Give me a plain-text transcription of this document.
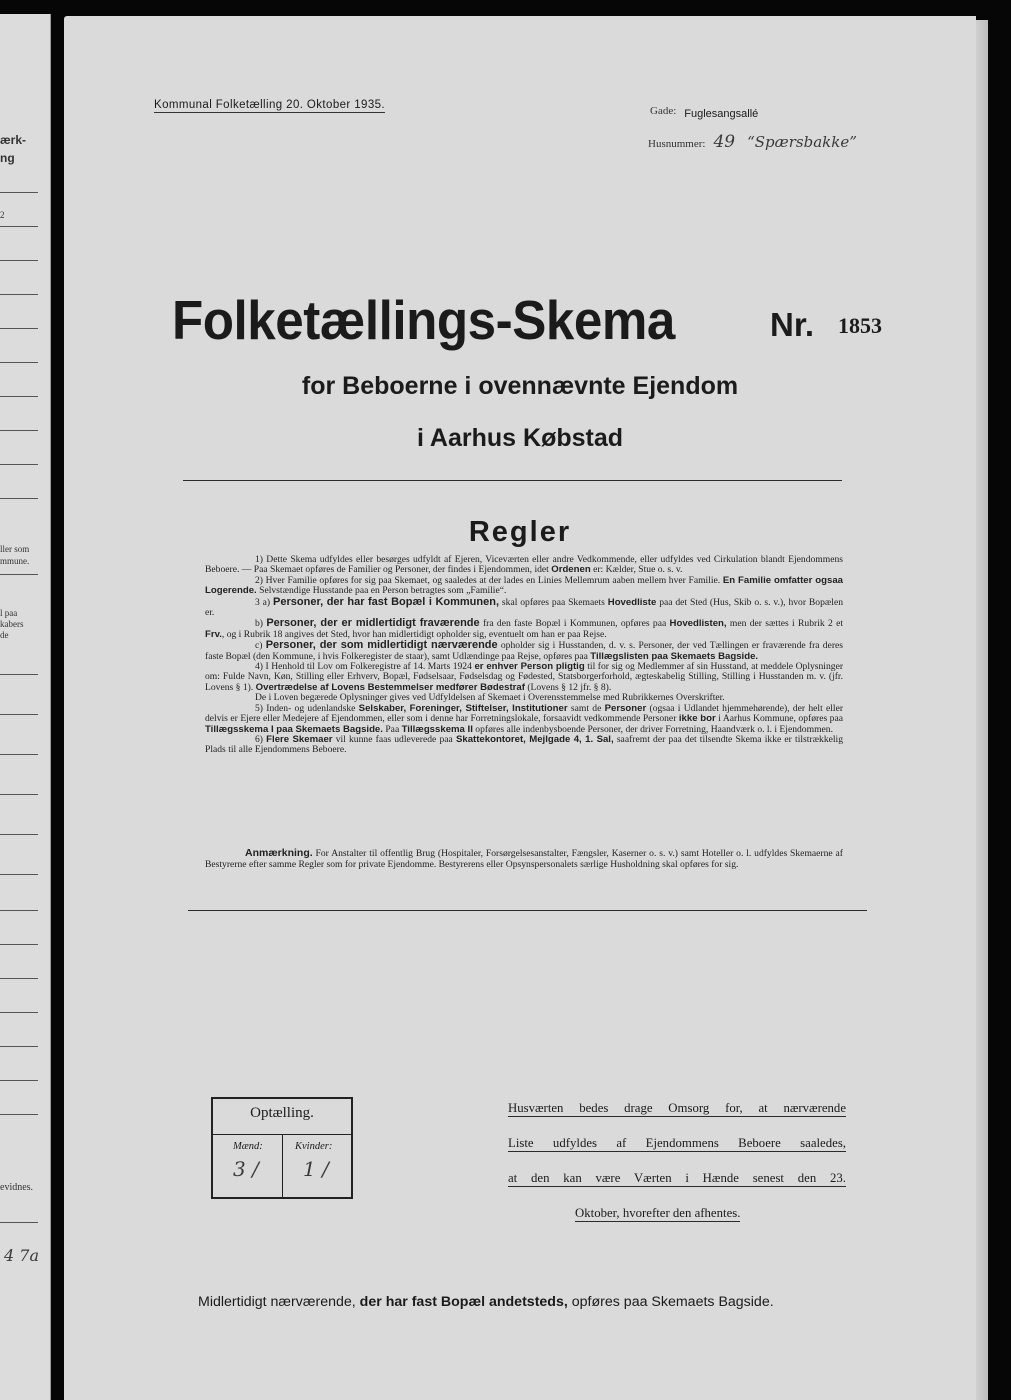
ærk-
ng
2
ller som
mmune.
l paa
kabers
de
evidnes.
4 7a
Kommunal Folketælling 20. Oktober 1935.	Gade: Fuglesangsallé
Husnummer: 49 “Spærsbakke”
Folketællings-Skema	Nr. 1853
for Beboerne i ovennævnte Ejendom
i Aarhus Købstad
Regler

1) Dette Skema udfyldes eller besørges udfyldt af Ejeren, Viceværten eller andre Vedkommende, eller udfyldes ved Cirkulation blandt Ejendommens Beboere. — Paa Skemaet opføres de Familier og Personer, der findes i Ejendommen, idet Ordenen er: Kælder, Stue o. s. v.

2) Hver Familie opføres for sig paa Skemaet, og saaledes at der lades en Linies Mellemrum aaben mellem hver Familie. En Familie omfatter ogsaa Logerende. Selvstændige Husstande paa en Person betragtes som „Familie“.

3 a) Personer, der har fast Bopæl i Kommunen, skal opføres paa Skemaets Hovedliste paa det Sted (Hus, Skib o. s. v.), hvor Bopælen er.

b) Personer, der er midlertidigt fraværende fra den faste Bopæl i Kommunen, opføres paa Hovedlisten, men der sættes i Rubrik 2 et Frv., og i Rubrik 18 angives det Sted, hvor han midlertidigt opholder sig, eventuelt om han er paa Rejse.

c) Personer, der som midlertidigt nærværende opholder sig i Husstanden, d. v. s. Personer, der ved Tællingen er fraværende fra deres faste Bopæl (den Kommune, i hvis Folkeregister de staar), samt Udlændinge paa Rejse, opføres paa Tillægslisten paa Skemaets Bagside.

4) I Henhold til Lov om Folkeregistre af 14. Marts 1924 er enhver Person pligtig til for sig og Medlemmer af sin Husstand, at meddele Oplysninger om: Fulde Navn, Køn, Stilling eller Erhverv, Bopæl, Fødselsaar, Fødselsdag og Fødested, Statsborgerforhold, ægteskabelig Stilling, Stilling i Husstanden m. v. (jfr. Lovens § 1). Overtrædelse af Lovens Bestemmelser medfører Bødestraf (Lovens § 12 jfr. § 8).

De i Loven begærede Oplysninger gives ved Udfyldelsen af Skemaet i Overensstemmelse med Rubrikkernes Overskrifter.

5) Inden- og udenlandske Selskaber, Foreninger, Stiftelser, Institutioner samt de Personer (ogsaa i Udlandet hjemmehørende), der helt eller delvis er Ejere eller Medejere af Ejendommen, eller som i denne har Forretningslokale, forsaavidt vedkommende Personer ikke bor i Aarhus Kommune, opføres paa Tillægsskema I paa Skemaets Bagside. Paa Tillægsskema II opføres alle indenbysboende Personer, der driver Forretning, Haandværk o. l. i Ejendommen.

6) Flere Skemaer vil kunne faas udleverede paa Skattekontoret, Mejlgade 4, 1. Sal, saafremt der paa det tilsendte Skema ikke er tilstrækkelig Plads til alle Ejendommens Beboere.

Anmærkning. For Anstalter til offentlig Brug (Hospitaler, Forsørgelsesanstalter, Fængsler, Kaserner o. s. v.) samt Hoteller o. l. udfyldes Skemaerne af Bestyrerne efter samme Regler som for private Ejendomme. Bestyrerens eller Opsynspersonalets særlige Husholdning skal opføres for sig.

Optælling.
Mænd:	Kvinder:
3 / 1 /
Husværten bedes drage Omsorg for, at nærværende
Liste udfyldes af Ejendommens Beboere saaledes,
at den kan være Værten i Hænde senest den 23.
Oktober, hvorefter den afhentes.
Midlertidigt nærværende, der har fast Bopæl andetsteds, opføres paa Skemaets Bagside.
